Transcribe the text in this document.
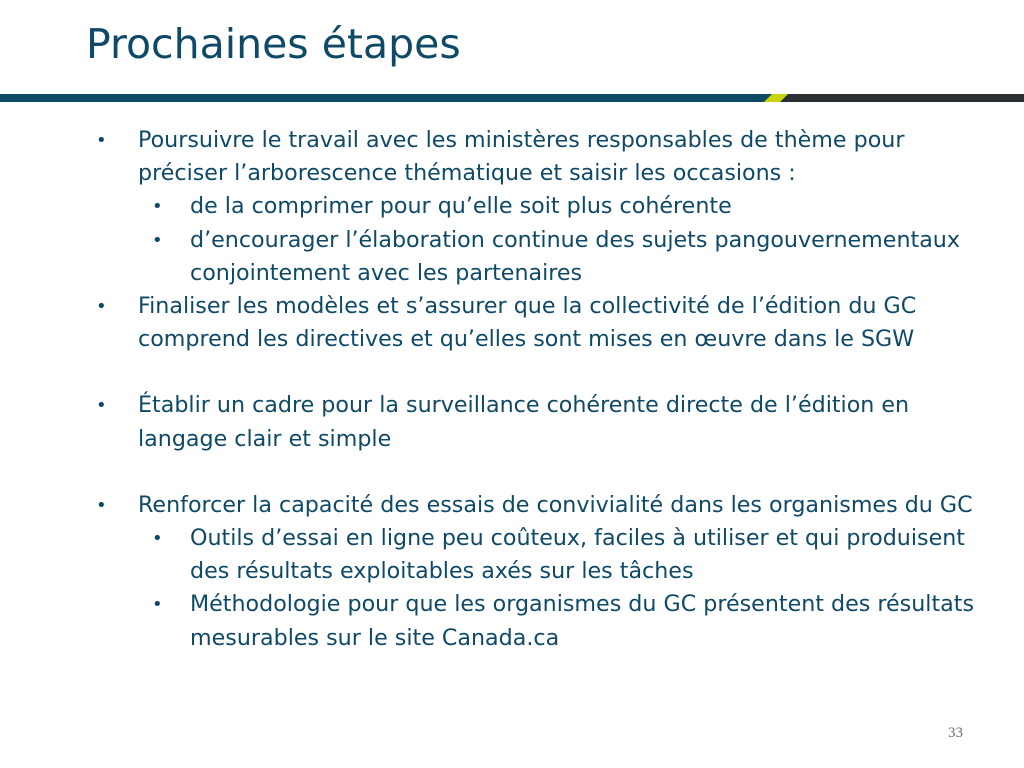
Prochaines étapes
•	Poursuivre le travail avec les ministères responsables de thème pour préciser l’arborescence thématique et saisir les occasions :
•	de la comprimer pour qu’elle soit plus cohérente
•	d’encourager l’élaboration continue des sujets pangouvernementaux conjointement avec les partenaires
•	Finaliser les modèles et s’assurer que la collectivité de l’édition du GC comprend les directives et qu’elles sont mises en œuvre dans le SGW
•	Établir un cadre pour la surveillance cohérente directe de l’édition en langage clair et simple
•	Renforcer la capacité des essais de convivialité dans les organismes du GC
•	Outils d’essai en ligne peu coûteux, faciles à utiliser et qui produisent des résultats exploitables axés sur les tâches
•	Méthodologie pour que les organismes du GC présentent des résultats mesurables sur le site Canada.ca
33
